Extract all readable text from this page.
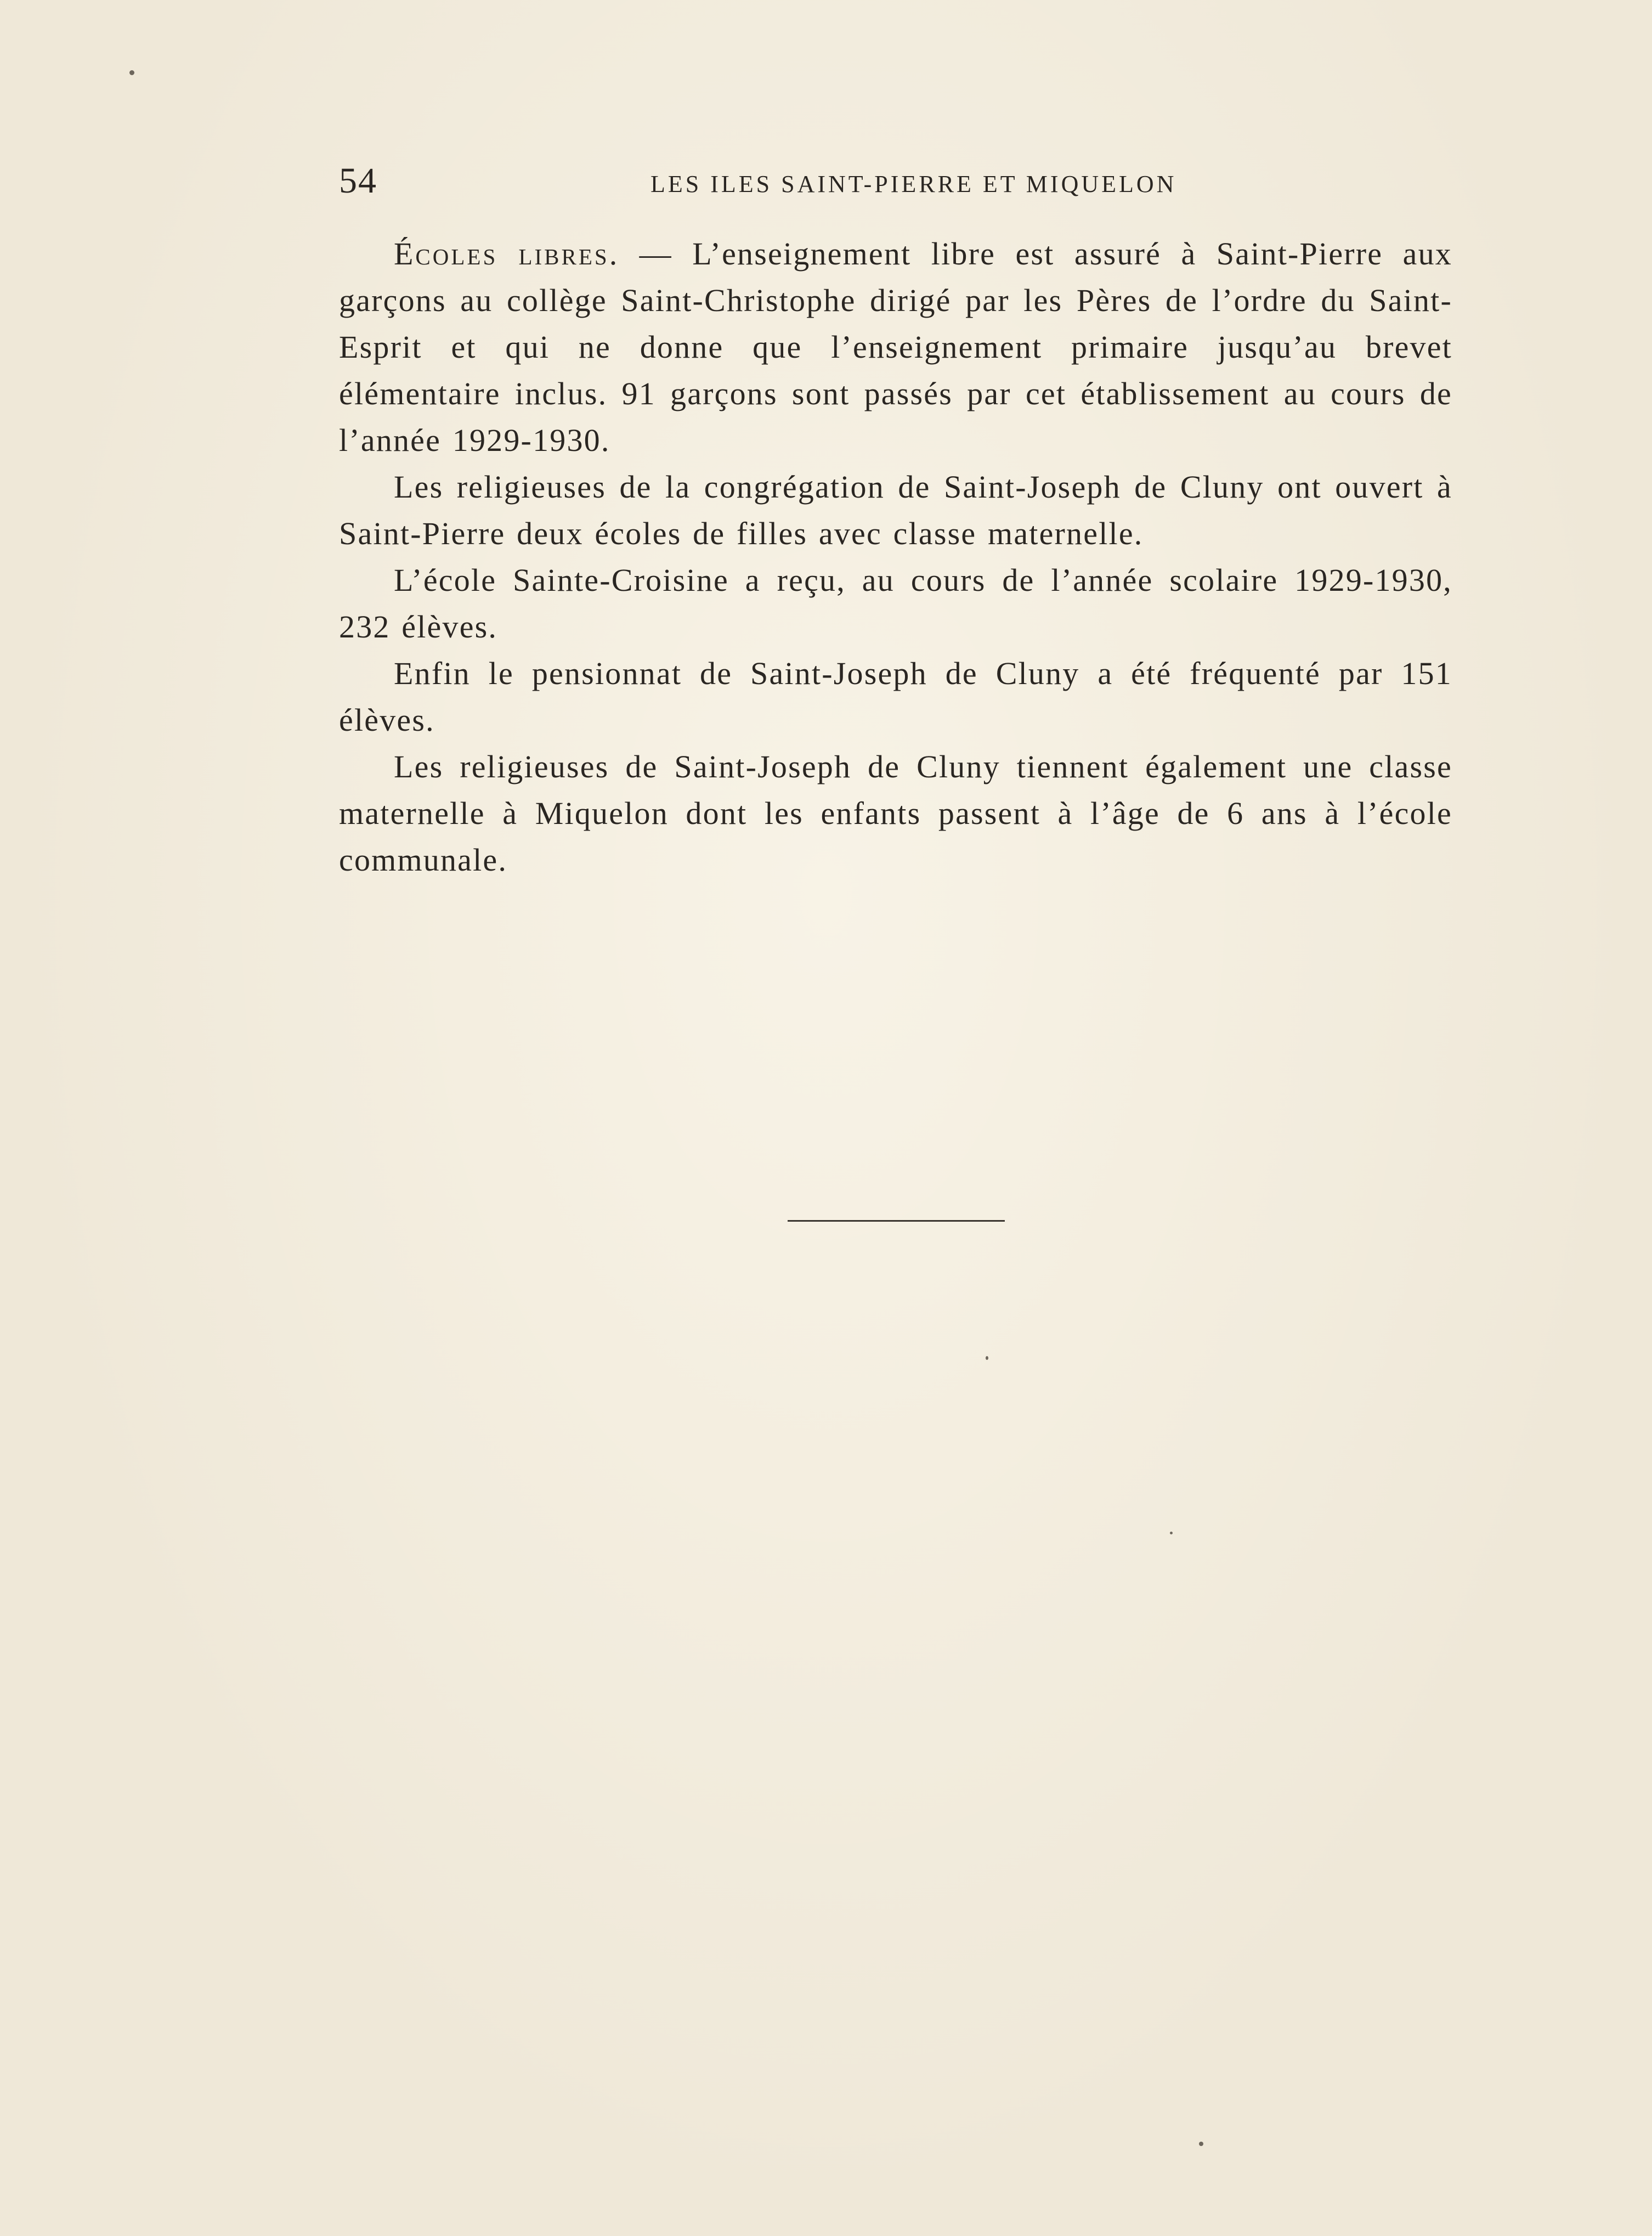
54	LES ILES SAINT-PIERRE ET MIQUELON

Écoles libres. — L’enseignement libre est assuré à Saint-Pierre aux garçons au collège Saint-Christophe dirigé par les Pères de l’ordre du Saint-Esprit et qui ne donne que l’enseignement primaire jusqu’au brevet élémentaire inclus. 91 garçons sont passés par cet établissement au cours de l’année 1929-1930.

Les religieuses de la congrégation de Saint-Joseph de Cluny ont ouvert à Saint-Pierre deux écoles de filles avec classe maternelle.

L’école Sainte-Croisine a reçu, au cours de l’année scolaire 1929-1930, 232 élèves.

Enfin le pensionnat de Saint-Joseph de Cluny a été fréquenté par 151 élèves.

Les religieuses de Saint-Joseph de Cluny tiennent également une classe maternelle à Miquelon dont les enfants passent à l’âge de 6 ans à l’école communale.
